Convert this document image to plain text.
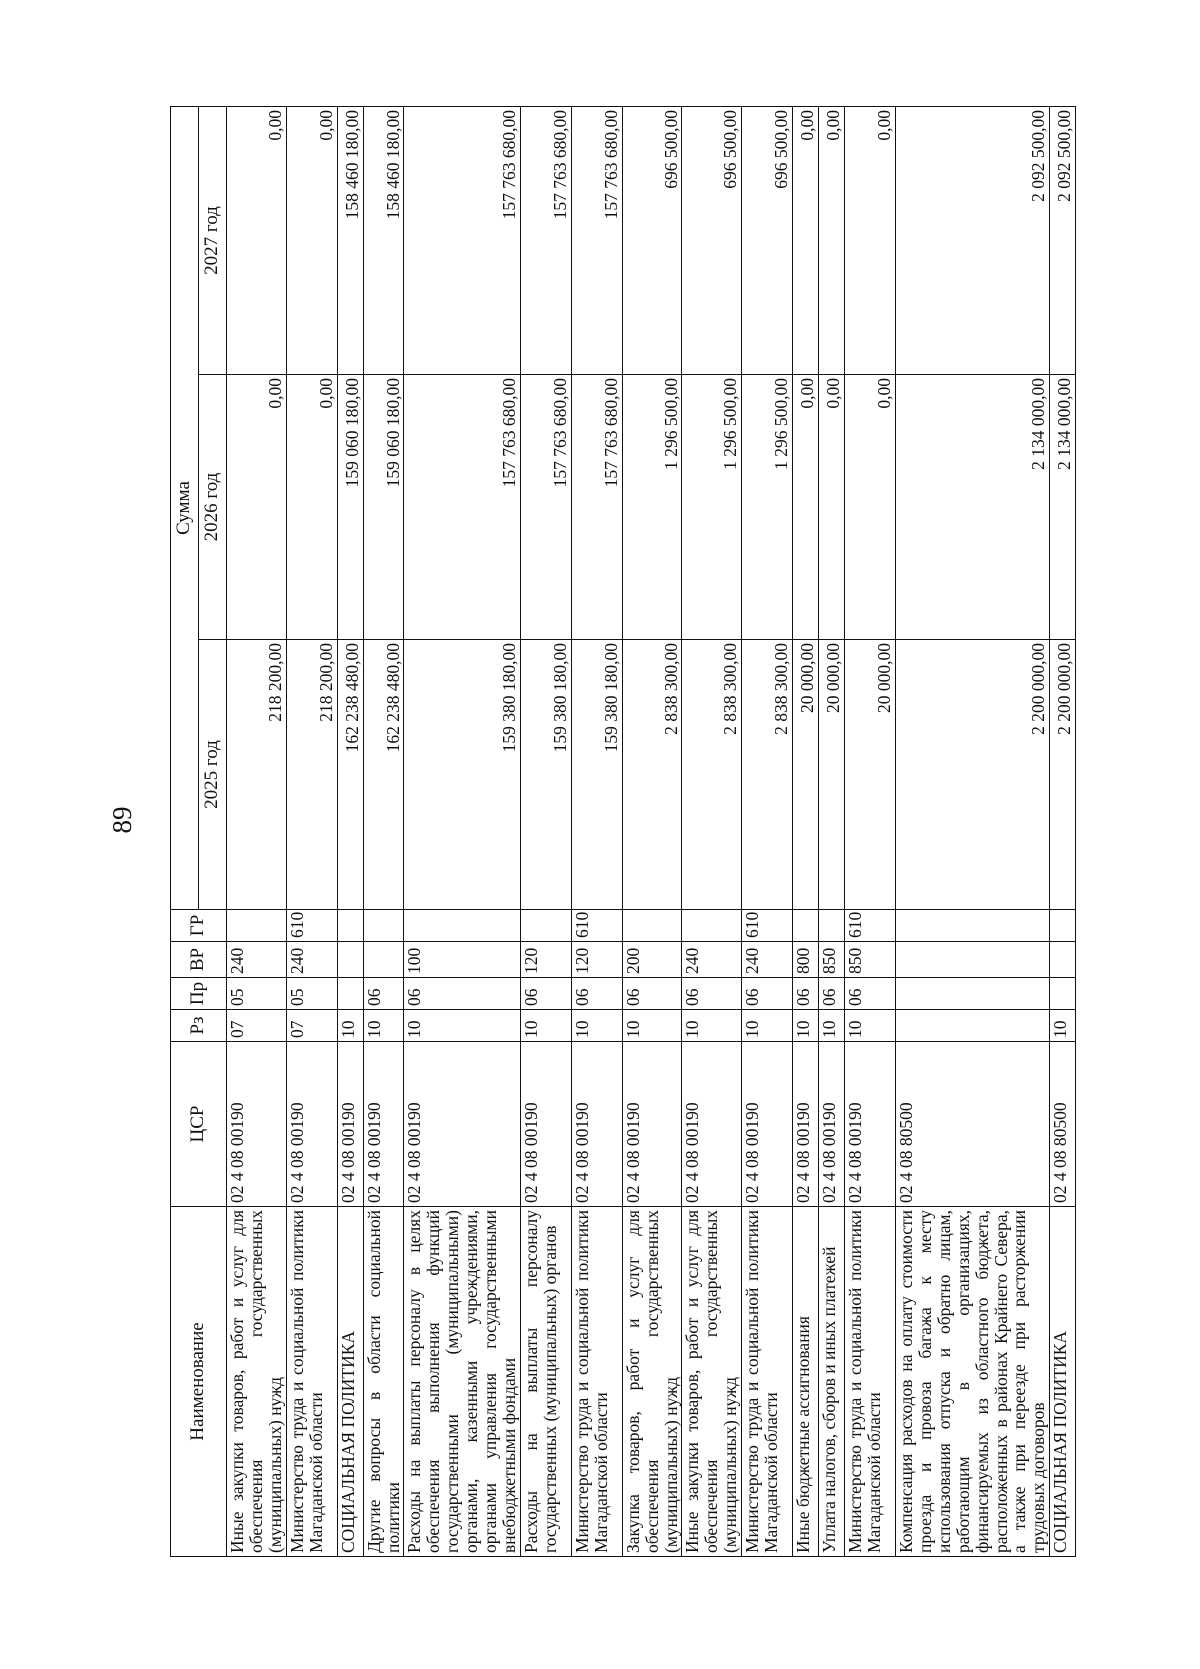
89
Наименование	ЦСР	Рз	Пр	ВР	ГР	Сумма		
						2025 год	2026 год	2027 год
Иные закупки товаров, работ и услуг для обеспечения государственных (муниципальных) нужд	02 4 08 00190	07	05	240		218 200,00	0,00	0,00
Министерство труда и социальной политики Магаданской области	02 4 08 00190	07	05	240	610	218 200,00	0,00	0,00
СОЦИАЛЬНАЯ ПОЛИТИКА	02 4 08 00190	10				162 238 480,00	159 060 180,00	158 460 180,00
Другие вопросы в области социальной политики	02 4 08 00190	10	06			162 238 480,00	159 060 180,00	158 460 180,00
Расходы на выплаты персоналу в целях обеспечения выполнения функций государственными (муниципальными) органами, казенными учреждениями, органами управления государственными внебюджетными фондами	02 4 08 00190	10	06	100		159 380 180,00	157 763 680,00	157 763 680,00
Расходы на выплаты персоналу государственных (муниципальных) органов	02 4 08 00190	10	06	120		159 380 180,00	157 763 680,00	157 763 680,00
Министерство труда и социальной политики Магаданской области	02 4 08 00190	10	06	120	610	159 380 180,00	157 763 680,00	157 763 680,00
Закупка товаров, работ и услуг для обеспечения государственных (муниципальных) нужд	02 4 08 00190	10	06	200		2 838 300,00	1 296 500,00	696 500,00
Иные закупки товаров, работ и услуг для обеспечения государственных (муниципальных) нужд	02 4 08 00190	10	06	240		2 838 300,00	1 296 500,00	696 500,00
Министерство труда и социальной политики Магаданской области	02 4 08 00190	10	06	240	610	2 838 300,00	1 296 500,00	696 500,00
Иные бюджетные ассигнования	02 4 08 00190	10	06	800		20 000,00	0,00	0,00
Уплата налогов, сборов и иных платежей	02 4 08 00190	10	06	850		20 000,00	0,00	0,00
Министерство труда и социальной политики Магаданской области	02 4 08 00190	10	06	850	610	20 000,00	0,00	0,00
Компенсация расходов на оплату стоимости проезда и провоза багажа к месту использования отпуска и обратно лицам, работающим в организациях, финансируемых из областного бюджета, расположенных в районах Крайнего Севера, а также при переезде при расторжении трудовых договоров	02 4 08 80500					2 200 000,00	2 134 000,00	2 092 500,00
СОЦИАЛЬНАЯ ПОЛИТИКА	02 4 08 80500	10				2 200 000,00	2 134 000,00	2 092 500,00
